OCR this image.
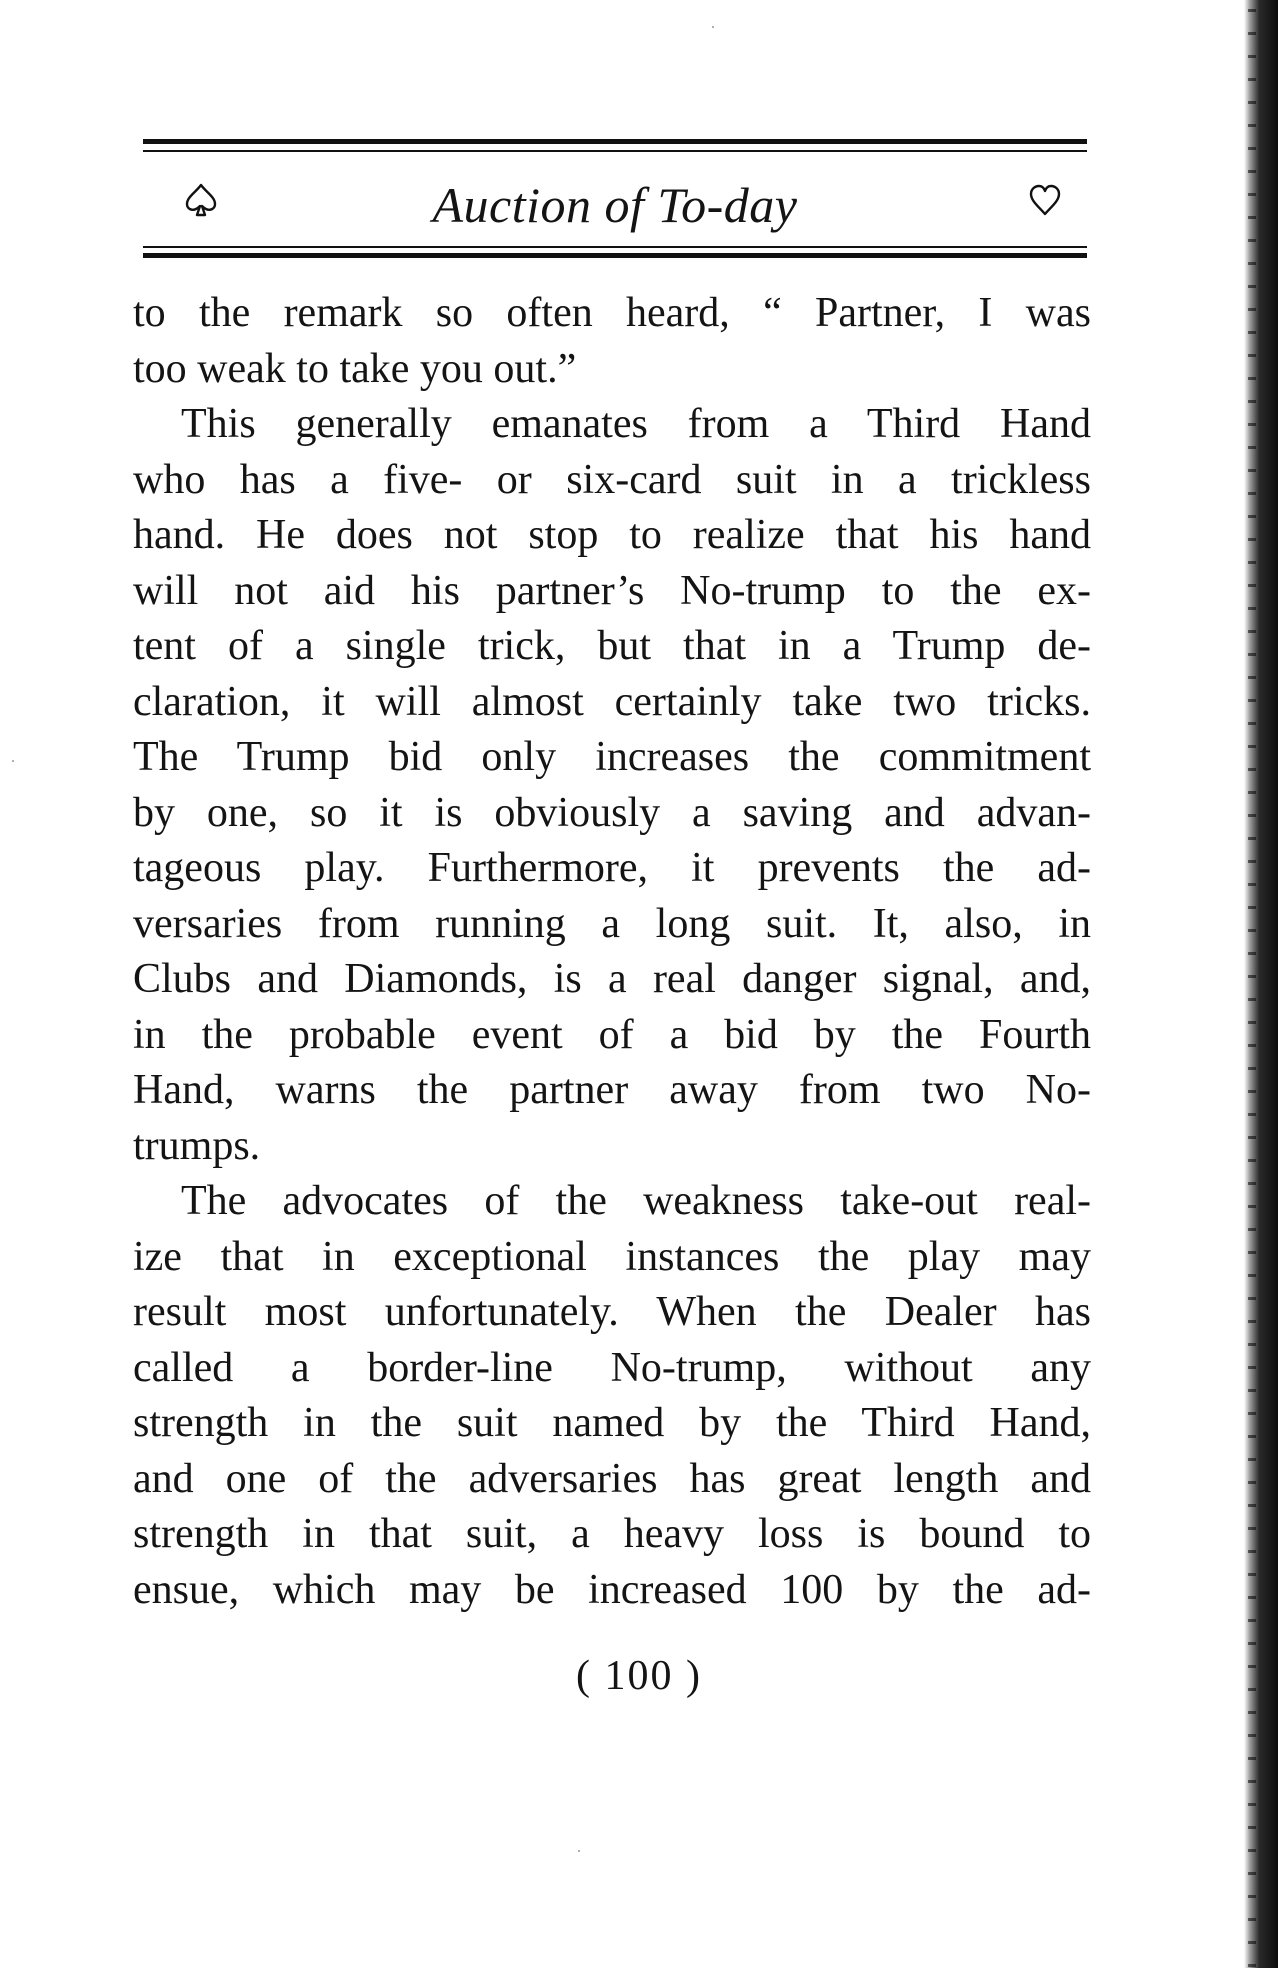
Auction of To-day
to the remark so often heard, “ Partner, I was
too weak to take you out.”
This generally emanates from a Third Hand
who has a five- or six-card suit in a trickless
hand. He does not stop to realize that his hand
will not aid his partner’s No-trump to the ex-
tent of a single trick, but that in a Trump de-
claration, it will almost certainly take two tricks.
The Trump bid only increases the commitment
by one, so it is obviously a saving and advan-
tageous play. Furthermore, it prevents the ad-
versaries from running a long suit. It, also, in
Clubs and Diamonds, is a real danger signal, and,
in the probable event of a bid by the Fourth
Hand, warns the partner away from two No-
trumps.
The advocates of the weakness take-out real-
ize that in exceptional instances the play may
result most unfortunately. When the Dealer has
called a border-line No-trump, without any
strength in the suit named by the Third Hand,
and one of the adversaries has great length and
strength in that suit, a heavy loss is bound to
ensue, which may be increased 100 by the ad-
( 100 )
